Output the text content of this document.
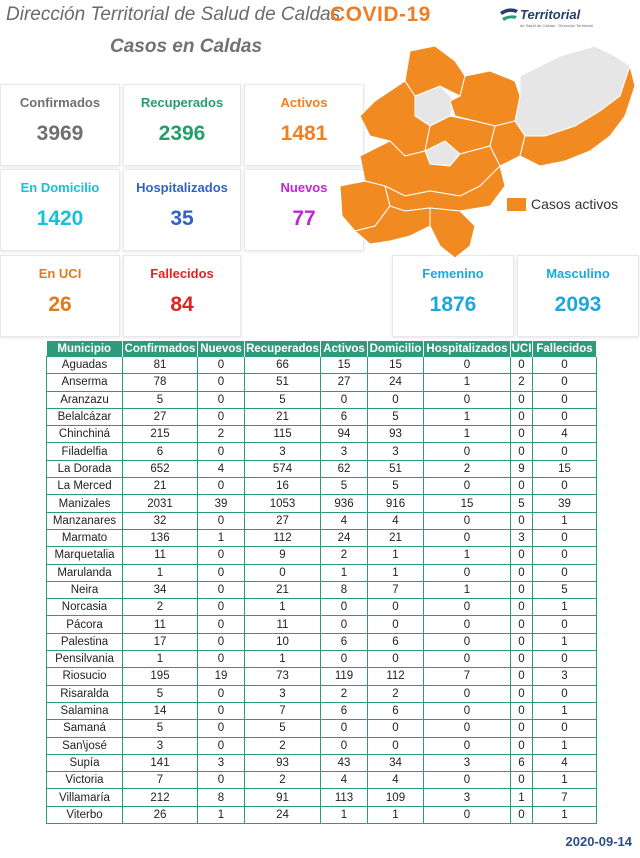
Dirección Territorial de Salud de Caldas
COVID-19	Territorial
de Salud de Caldas · Dirección Territorial
Casos en Caldas
Confirmados
3969
Recuperados
2396
Activos
1481
En Domicilio
1420
Hospitalizados
35
Nuevos
77
En UCI
26
Fallecidos
84
Femenino
1876
Masculino
2093
Casos activos
Municipio	Confirmados	Nuevos	Recuperados	Activos	Domicilio	Hospitalizados	UCI	Fallecidos
Aguadas	81	0	66	15	15	0	0	0
Anserma	78	0	51	27	24	1	2	0
Aranzazu	5	0	5	0	0	0	0	0
Belalcázar	27	0	21	6	5	1	0	0
Chinchiná	215	2	115	94	93	1	0	4
Filadelfia	6	0	3	3	3	0	0	0
La Dorada	652	4	574	62	51	2	9	15
La Merced	21	0	16	5	5	0	0	0
Manizales	2031	39	1053	936	916	15	5	39
Manzanares	32	0	27	4	4	0	0	1
Marmato	136	1	112	24	21	0	3	0
Marquetalia	11	0	9	2	1	1	0	0
Marulanda	1	0	0	1	1	0	0	0
Neira	34	0	21	8	7	1	0	5
Norcasia	2	0	1	0	0	0	0	1
Pácora	11	0	11	0	0	0	0	0
Palestina	17	0	10	6	6	0	0	1
Pensilvania	1	0	1	0	0	0	0	0
Riosucio	195	19	73	119	112	7	0	3
Risaralda	5	0	3	2	2	0	0	0
Salamina	14	0	7	6	6	0	0	1
Samaná	5	0	5	0	0	0	0	0
San\josé	3	0	2	0	0	0	0	1
Supía	141	3	93	43	34	3	6	4
Victoria	7	0	2	4	4	0	0	1
Villamaría	212	8	91	113	109	3	1	7
Viterbo	26	1	24	1	1	0	0	1
2020-09-14
